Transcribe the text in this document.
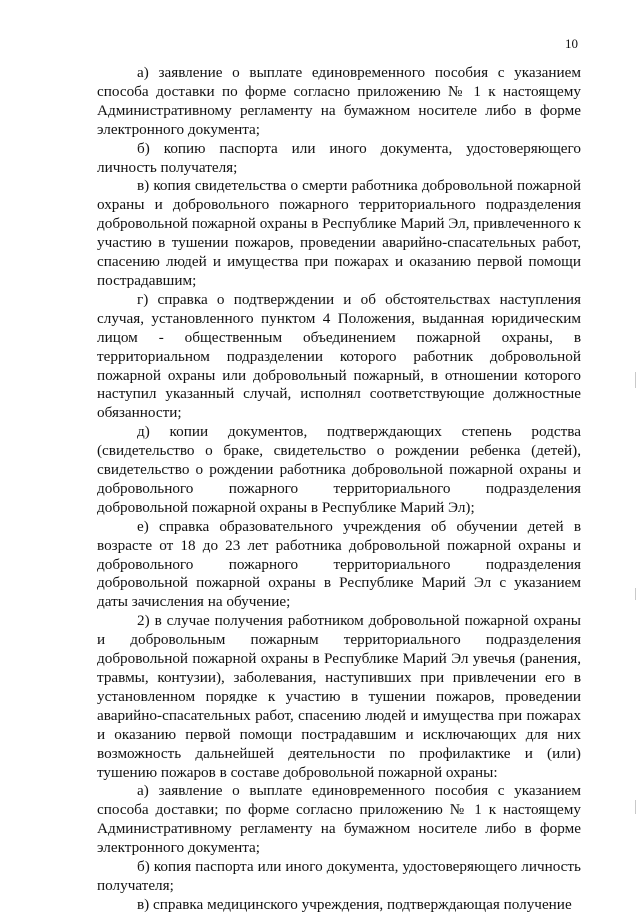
10

а) заявление о выплате единовременного пособия с указанием способа доставки по форме согласно приложению № 1 к настоящему Административному регламенту на бумажном носителе либо в форме электронного документа;

б) копию паспорта или иного документа, удостоверяющего личность получателя;

в) копия свидетельства о смерти работника добровольной пожарной охраны и добровольного пожарного территориального подразделения добровольной пожарной охраны в Республике Марий Эл, привлеченного к участию в тушении пожаров, проведении аварийно-спасательных работ, спасению людей и имущества при пожарах и оказанию первой помощи пострадавшим;

г) справка о подтверждении и об обстоятельствах наступления случая, установленного пунктом 4 Положения, выданная юридическим лицом - общественным объединением пожарной охраны, в территориальном подразделении которого работник добровольной пожарной охраны или добровольный пожарный, в отношении которого наступил указанный случай, исполнял соответствующие должностные обязанности;

д) копии документов, подтверждающих степень родства (свидетельство о браке, свидетельство о рождении ребенка (детей), свидетельство о рождении работника добровольной пожарной охраны и добровольного пожарного территориального подразделения добровольной пожарной охраны в Республике Марий Эл);

е) справка образовательного учреждения об обучении детей в возрасте от 18 до 23 лет работника добровольной пожарной охраны и добровольного пожарного территориального подразделения добровольной пожарной охраны в Республике Марий Эл с указанием даты зачисления на обучение;

2) в случае получения работником добровольной пожарной охраны и добровольным пожарным территориального подразделения добровольной пожарной охраны в Республике Марий Эл увечья (ранения, травмы, контузии), заболевания, наступивших при привлечении его в установленном порядке к участию в тушении пожаров, проведении аварийно-спасательных работ, спасению людей и имущества при пожарах и оказанию первой помощи пострадавшим и исключающих для них возможность дальнейшей деятельности по профилактике и (или) тушению пожаров в составе добровольной пожарной охраны:

а) заявление о выплате единовременного пособия с указанием способа доставки; по форме согласно приложению № 1 к настоящему Административному регламенту на бумажном носителе либо в форме электронного документа;

б) копия паспорта или иного документа, удостоверяющего личность получателя;

в) справка медицинского учреждения, подтверждающая получение
